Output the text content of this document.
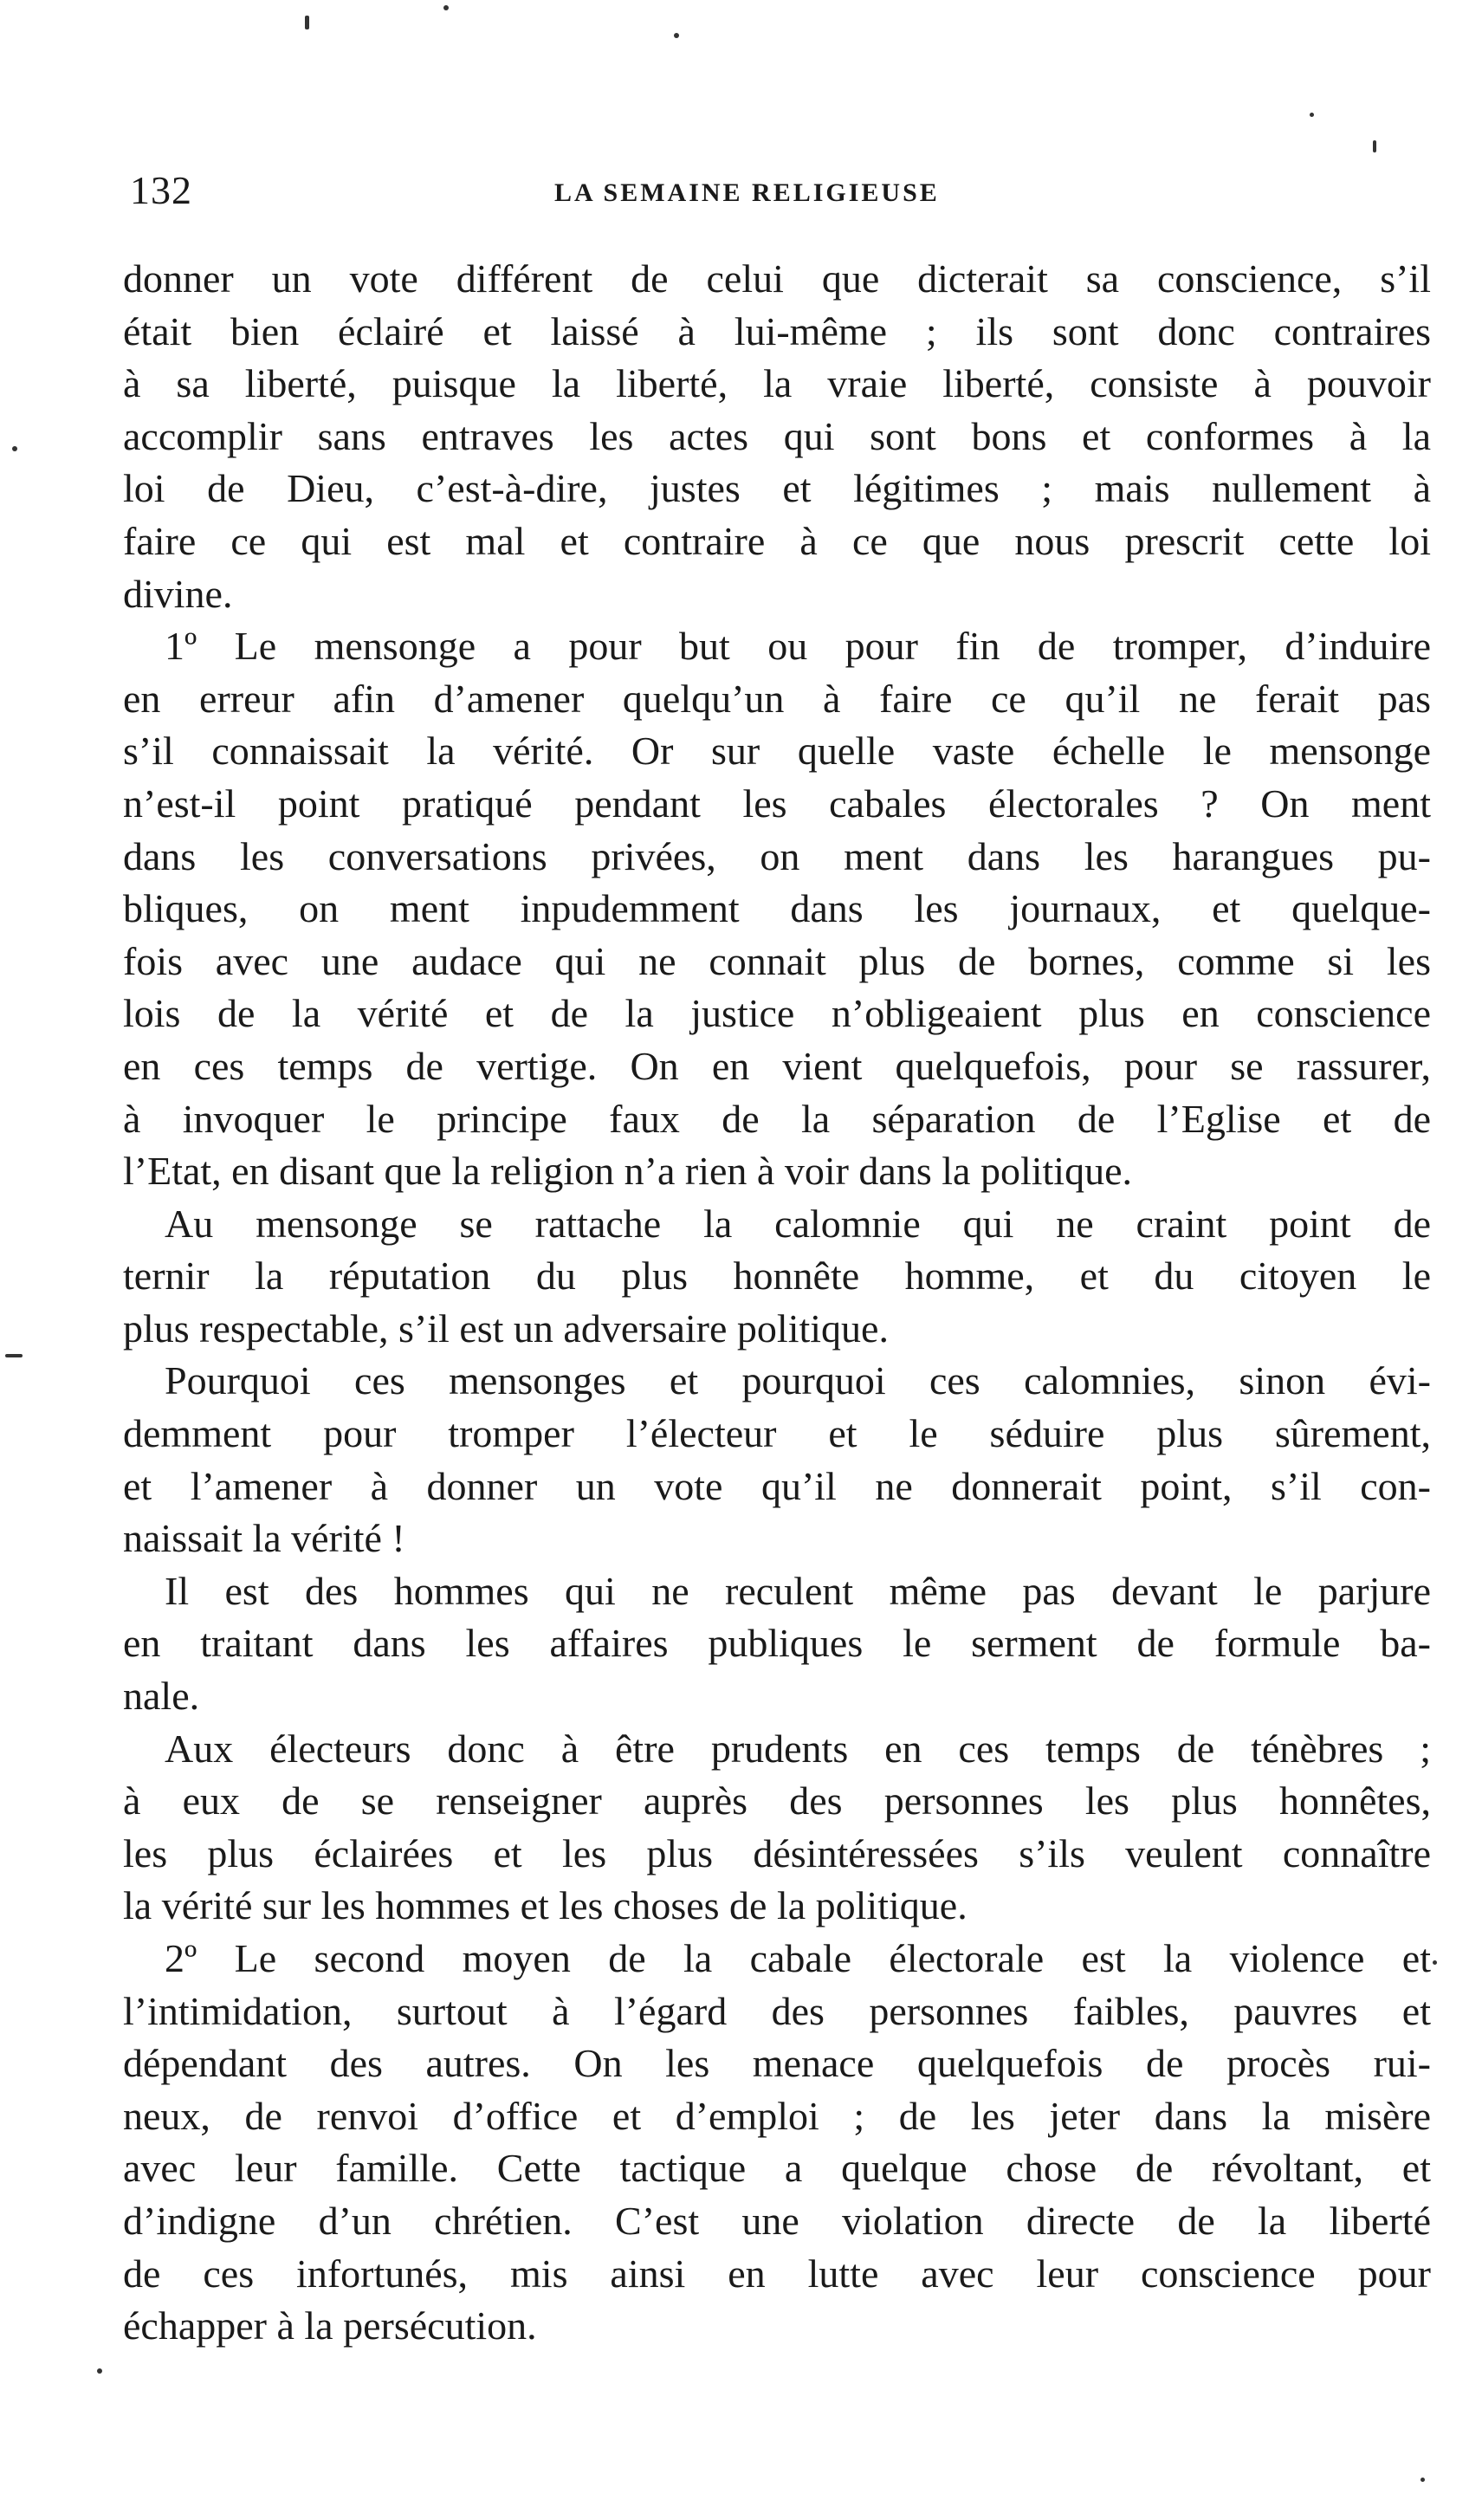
132	LA SEMAINE RELIGIEUSE

donner un vote différent de celui que dicterait sa conscience, s’il
était bien éclairé et laissé à lui-même ; ils sont donc contraires
à sa liberté, puisque la liberté, la vraie liberté, consiste à pouvoir
accomplir sans entraves les actes qui sont bons et conformes à la
loi de Dieu, c’est-à-dire, justes et légitimes ; mais nullement à
faire ce qui est mal et contraire à ce que nous prescrit cette loi
divine.

1º Le mensonge a pour but ou pour fin de tromper, d’induire
en erreur afin d’amener quelqu’un à faire ce qu’il ne ferait pas
s’il connaissait la vérité. Or sur quelle vaste échelle le mensonge
n’est-il point pratiqué pendant les cabales électorales ? On ment
dans les conversations privées, on ment dans les harangues pu-
bliques, on ment inpudemment dans les journaux, et quelque-
fois avec une audace qui ne connait plus de bornes, comme si les
lois de la vérité et de la justice n’obligeaient plus en conscience
en ces temps de vertige. On en vient quelquefois, pour se rassurer,
à invoquer le principe faux de la séparation de l’Eglise et de
l’Etat, en disant que la religion n’a rien à voir dans la politique.

Au mensonge se rattache la calomnie qui ne craint point de
ternir la réputation du plus honnête homme, et du citoyen le
plus respectable, s’il est un adversaire politique.

Pourquoi ces mensonges et pourquoi ces calomnies, sinon évi-
demment pour tromper l’électeur et le séduire plus sûrement,
et l’amener à donner un vote qu’il ne donnerait point, s’il con-
naissait la vérité !

Il est des hommes qui ne reculent même pas devant le parjure
en traitant dans les affaires publiques le serment de formule ba-
nale.

Aux électeurs donc à être prudents en ces temps de ténèbres ;
à eux de se renseigner auprès des personnes les plus honnêtes,
les plus éclairées et les plus désintéressées s’ils veulent connaître
la vérité sur les hommes et les choses de la politique.

2º Le second moyen de la cabale électorale est la violence et
l’intimidation, surtout à l’égard des personnes faibles, pauvres et
dépendant des autres. On les menace quelquefois de procès rui-
neux, de renvoi d’office et d’emploi ; de les jeter dans la misère
avec leur famille. Cette tactique a quelque chose de révoltant, et
d’indigne d’un chrétien. C’est une violation directe de la liberté
de ces infortunés, mis ainsi en lutte avec leur conscience pour
échapper à la persécution.
